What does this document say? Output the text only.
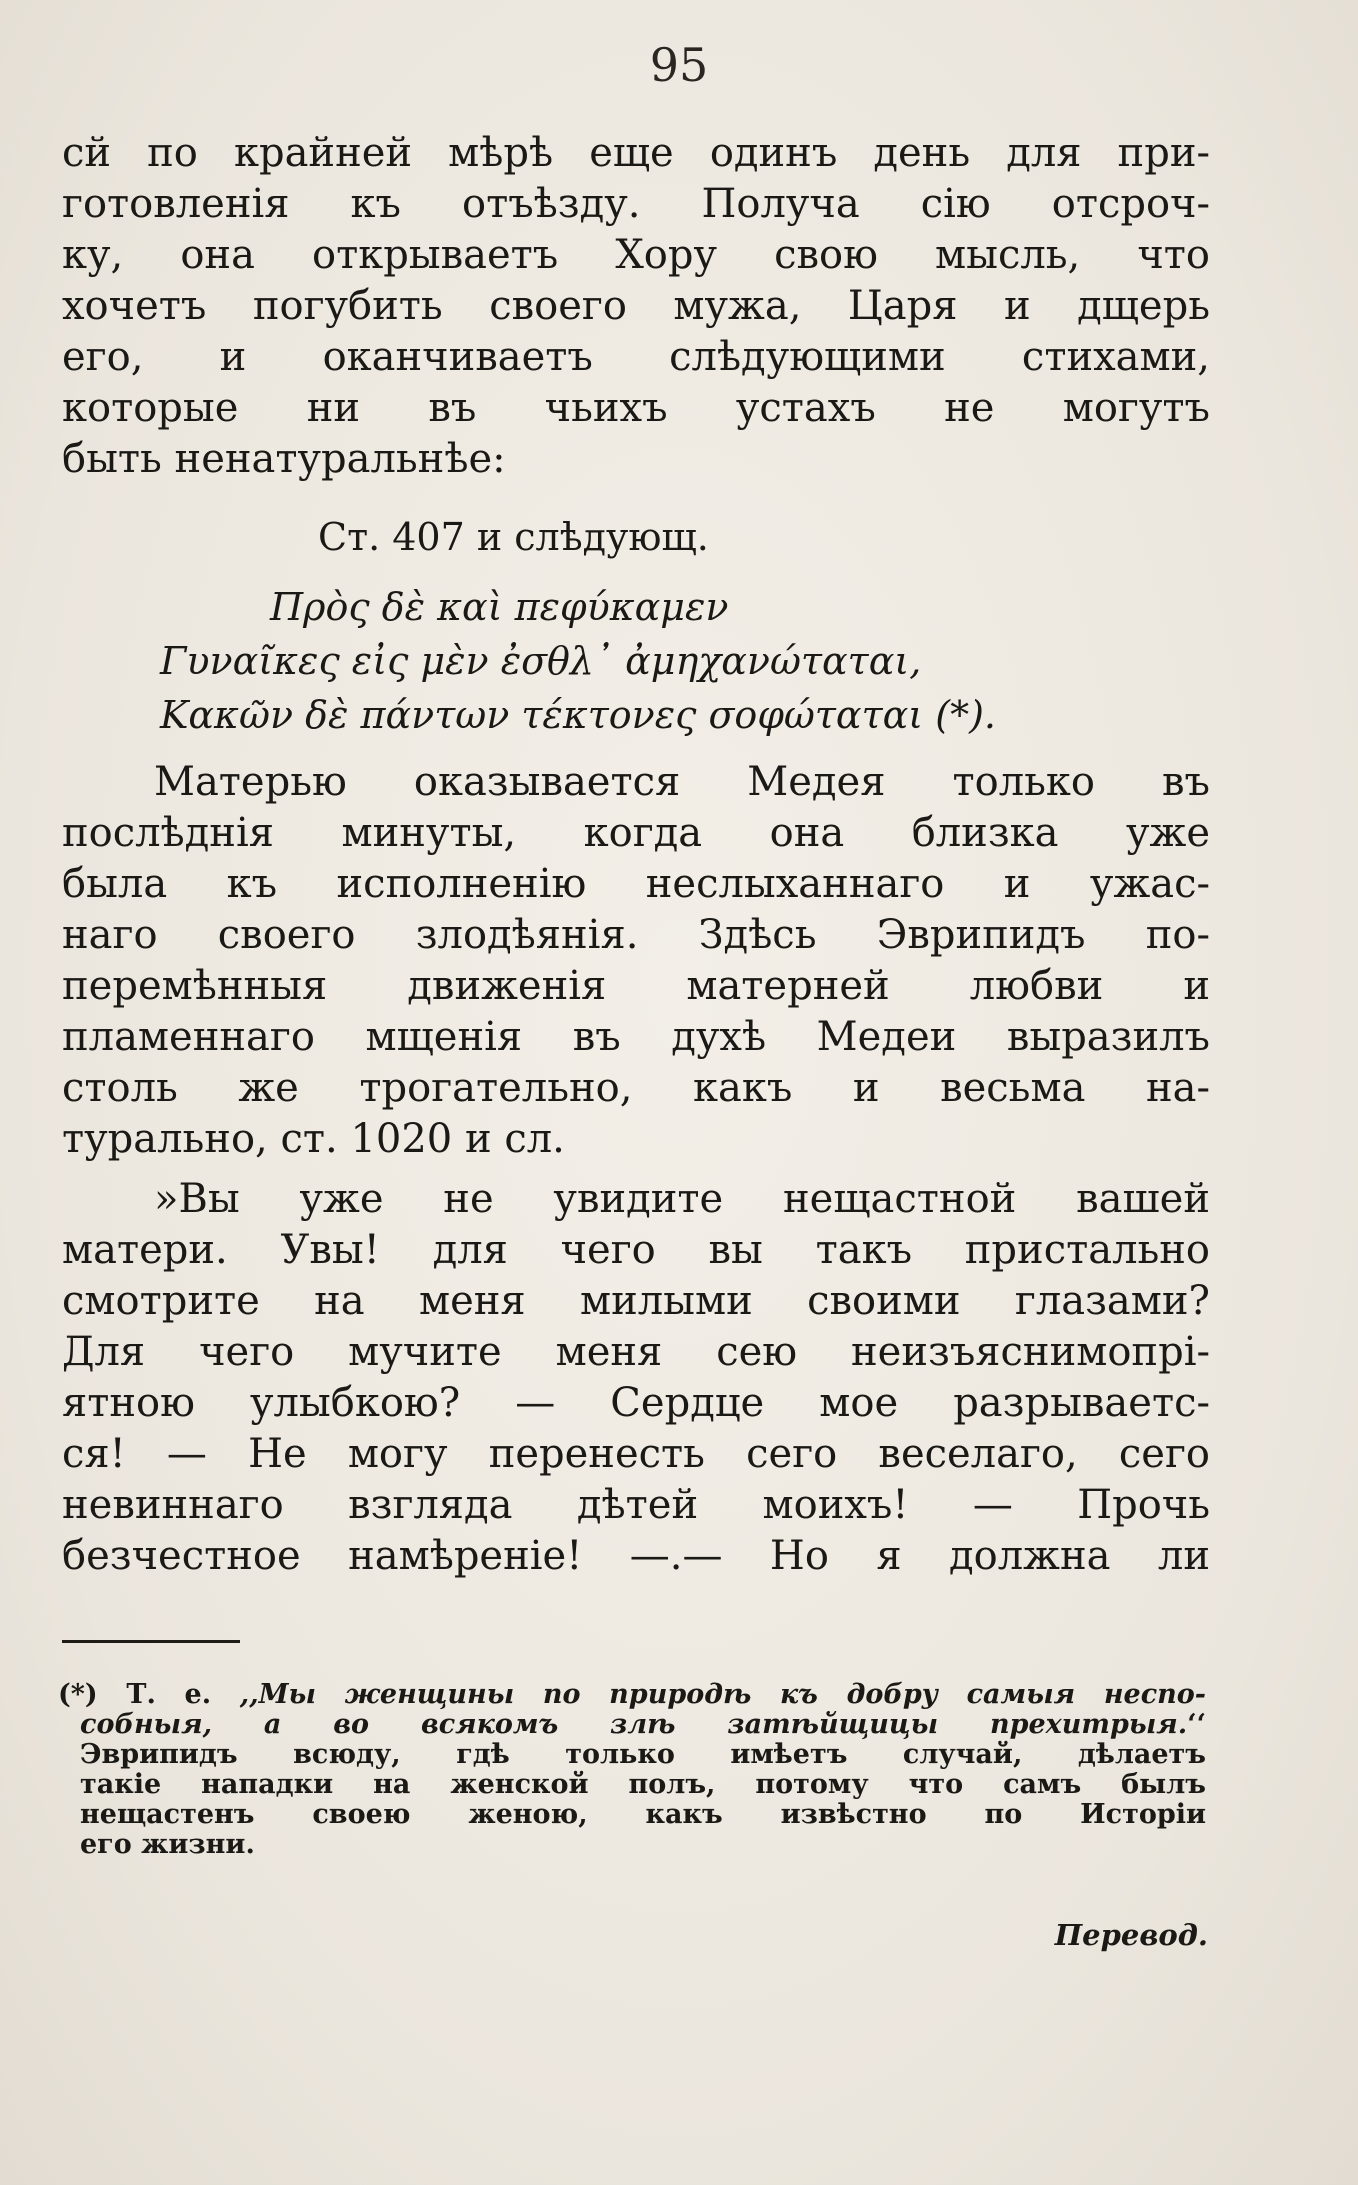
95
сй по крайней мѣрѣ еще одинъ день для при-
готовленія къ отъѣзду. Получа сію отсроч-
ку, она открываетъ Хору свою мысль, что
хочетъ погубить своего мужа, Царя и дщерь
его, и оканчиваетъ слѣдующими стихами,
которые ни въ чьихъ устахъ не могутъ
быть ненатуральнѣе:
Ст. 407 и слѣдующ.
Πρὸς δὲ καὶ πεφύκαμεν
Γυναῖκες εἰς μὲν ἐσθλ᾿ ἀμηχανώταται,
Κακῶν δὲ πάντων τέκτονες σοφώταται (*).
Матерью оказывается Медея только въ
послѣднія минуты, когда она близка уже
была къ исполненію неслыханнаго и ужас-
наго своего злодѣянія. Здѣсь Эврипидъ по-
перемѣнныя движенія матерней любви и
пламеннаго мщенія въ духѣ Медеи выразилъ
столь же трогательно, какъ и весьма на-
турально, ст. 1020 и сл.
»Вы уже не увидите нещастной вашей
матери. Увы! для чего вы такъ пристально
смотрите на меня милыми своими глазами?
Для чего мучите меня сею неизъяснимопрі-
ятною улыбкою? — Сердце мое разрываетс-
ся! — Не могу перенесть сего веселаго, сего
невиннаго взгляда дѣтей моихъ! — Прочь
безчестное намѣреніе! —.— Но я должна ли
(*) Т. е. ,,Мы женщины по природѣ къ добру самыя неспо-
собныя, а во всякомъ злѣ затѣйщицы прехитрыя.‘‘
Эврипидъ всюду, гдѣ только имѣетъ случай, дѣлаетъ
такіе нападки на женской полъ, потому что самъ былъ
нещастенъ своею женою, какъ извѣстно по Исторіи
его жизни.
Перевод.
